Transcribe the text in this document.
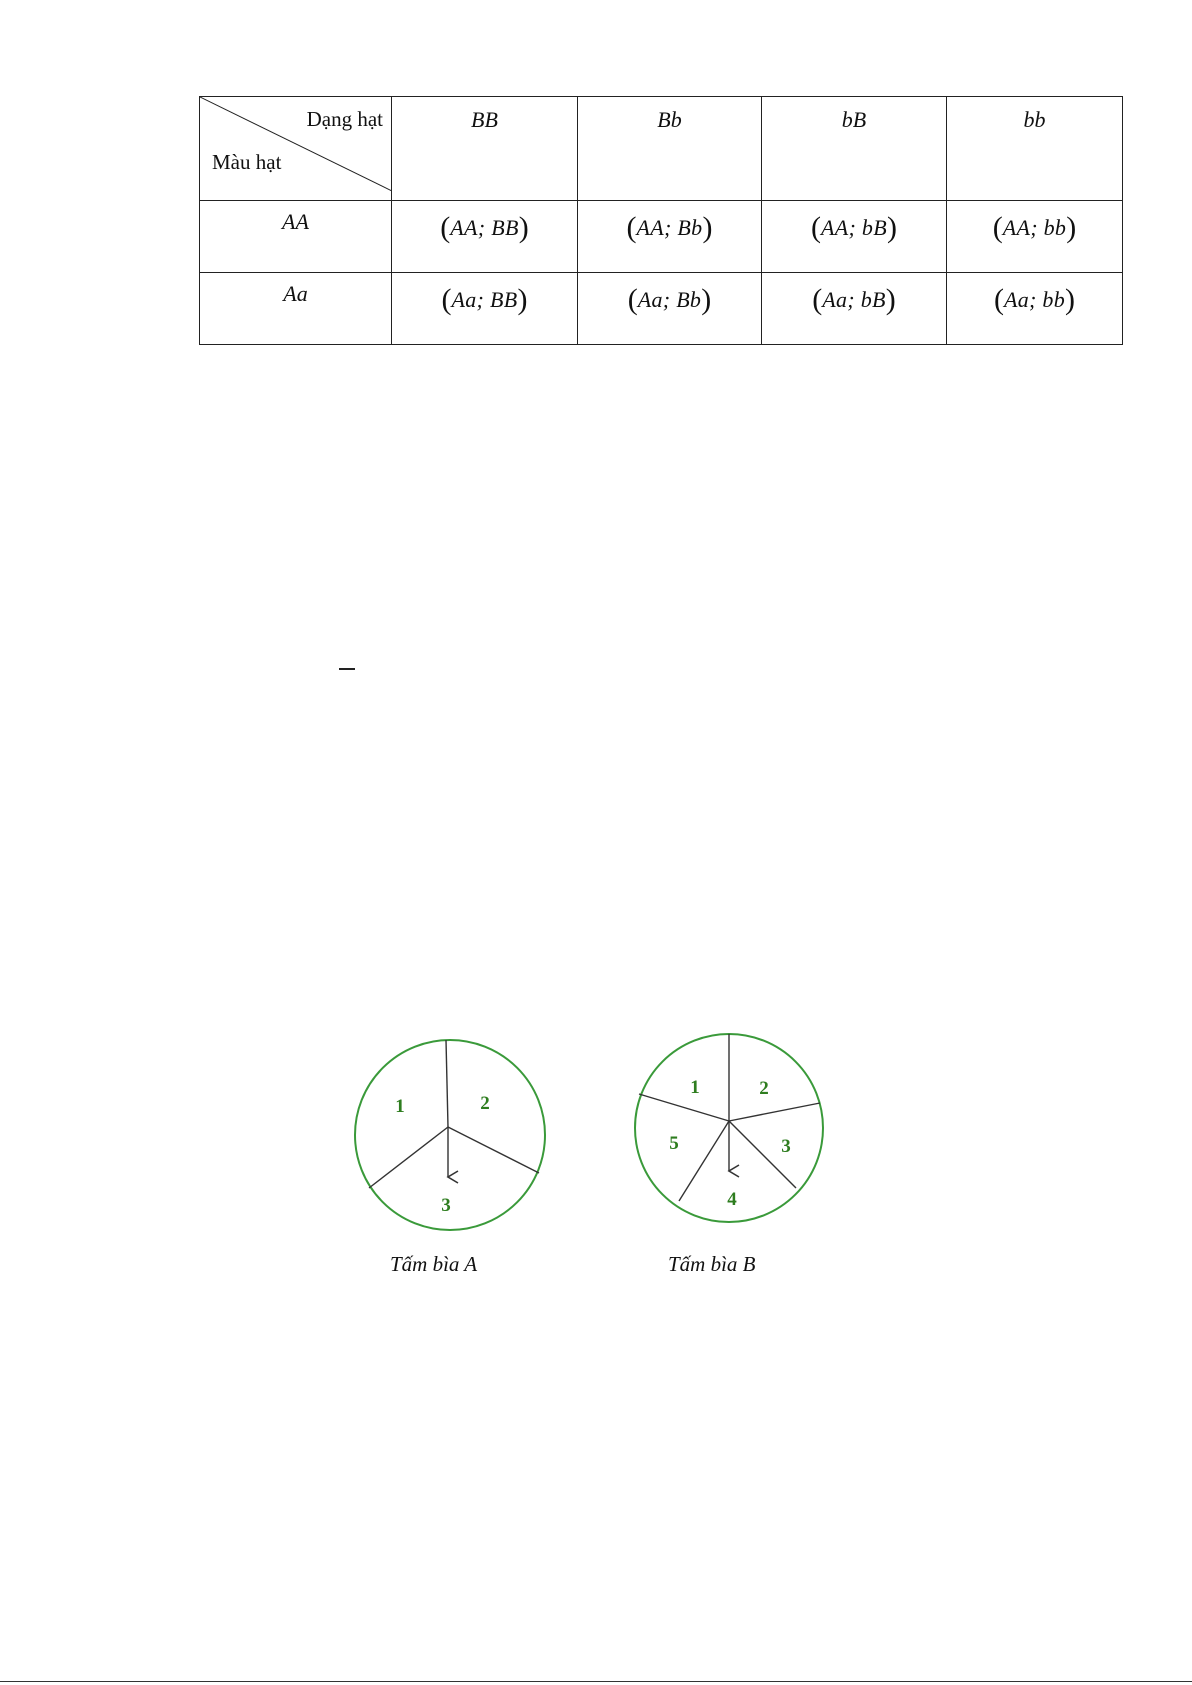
Dạng hạt
Màu hạt	BB	Bb	bB	bb
AA	(AA; BB)	(AA; Bb)	(AA; bB)	(AA; bb)
Aa	(Aa; BB)	(Aa; Bb)	(Aa; bB)	(Aa; bb)
1	2
3
1	2
3
4
5
Tấm bìa A	Tấm bìa B
